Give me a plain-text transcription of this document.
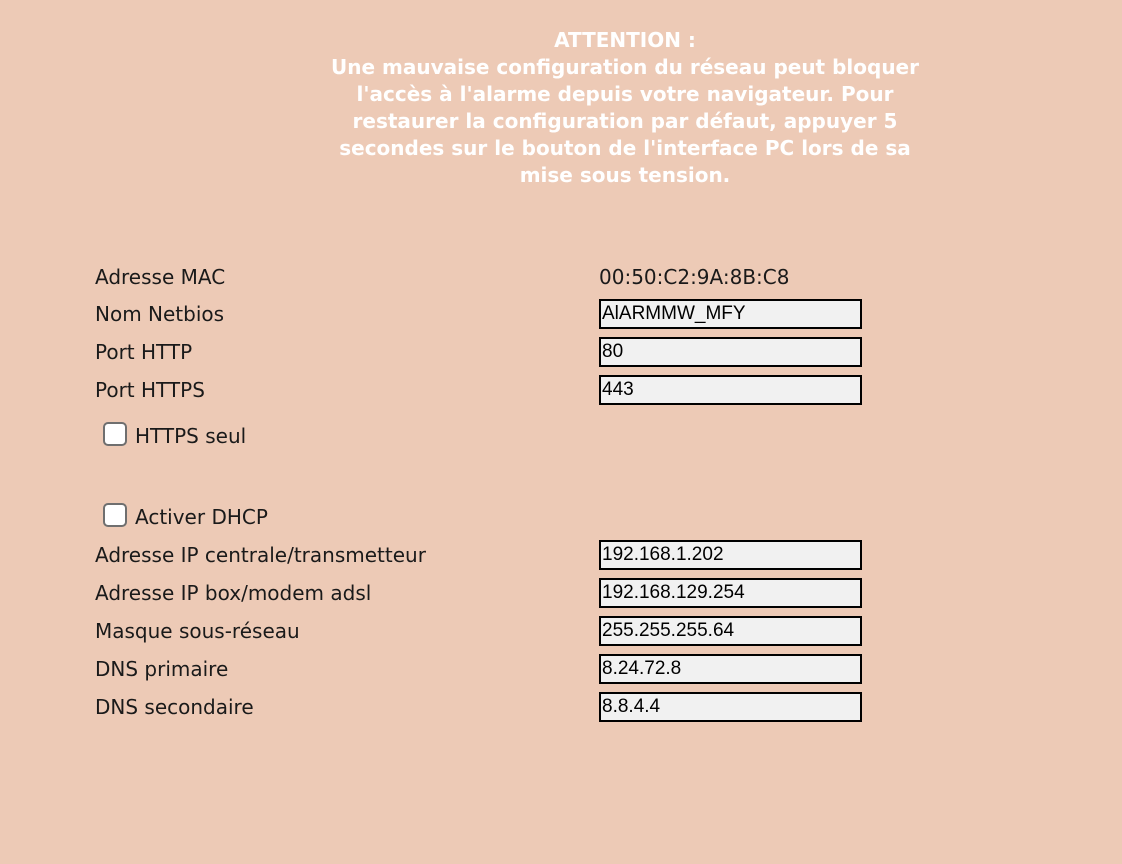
ATTENTION :
Une mauvaise configuration du réseau peut bloquer
l'accès à l'alarme depuis votre navigateur. Pour
restaurer la configuration par défaut, appuyer 5
secondes sur le bouton de l'interface PC lors de sa
mise sous tension.
Adresse MAC	00:50:C2:9A:8B:C8
Nom Netbios
AlARMMW_MFY
Port HTTP
80
Port HTTPS
443
HTTPS seul
Activer DHCP
Adresse IP centrale/transmetteur
192.168.1.202
Adresse IP box/modem adsl
192.168.129.254
Masque sous-réseau
255.255.255.64
DNS primaire
8.24.72.8
DNS secondaire
8.8.4.4
